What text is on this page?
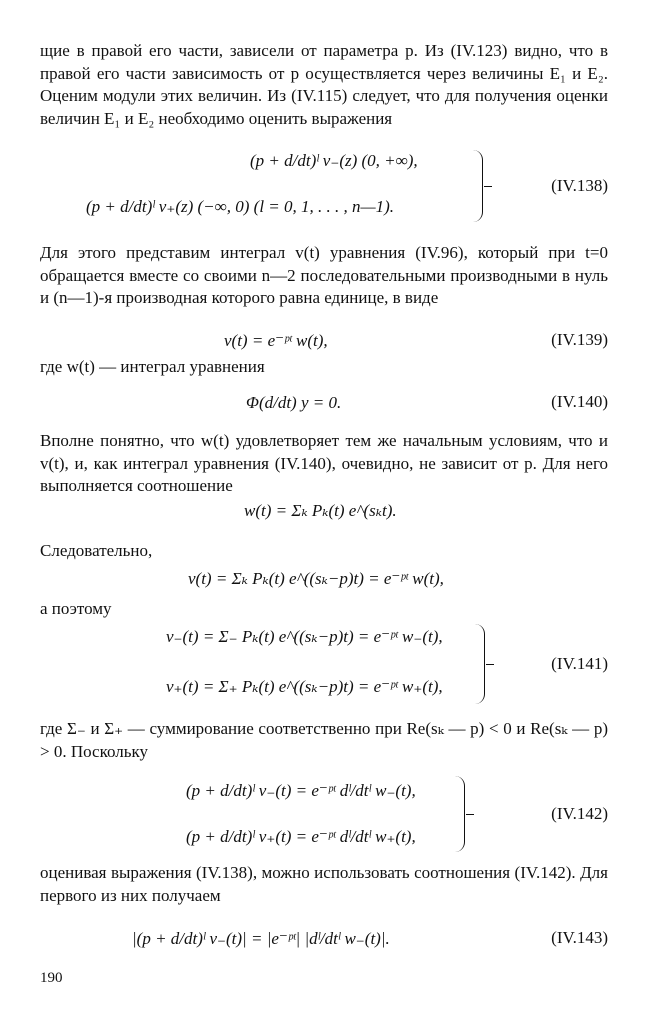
щие в правой его части, зависели от параметра p. Из (IV.123) видно, что в правой его части зависимость от p осуществляется через величины E₁ и E₂. Оценим модули этих величин. Из (IV.115) следует, что для получения оценки величин E₁ и E₂ необходимо оценить выражения

(p + d/dt)ˡ v₋(z) (0, +∞),
(p + d/dt)ˡ v₊(z) (−∞, 0) (l = 0, 1, . . . , n—1).
(IV.138)

Для этого представим интеграл v(t) уравнения (IV.96), который при t=0 обращается вместе со своими n—2 последовательными производными в нуль и (n—1)-я производная которого равна единице, в виде

v(t) = e⁻ᵖᵗ w(t),	(IV.139)

где w(t) — интеграл уравнения

Φ(d/dt) y = 0.	(IV.140)

Вполне понятно, что w(t) удовлетворяет тем же начальным условиям, что и v(t), и, как интеграл уравнения (IV.140), очевидно, не зависит от p. Для него выполняется соотношение

w(t) = Σₖ Pₖ(t) e^(sₖt).

Следовательно,

v(t) = Σₖ Pₖ(t) e^((sₖ−p)t) = e⁻ᵖᵗ w(t),

а поэтому

v₋(t) = Σ₋ Pₖ(t) e^((sₖ−p)t) = e⁻ᵖᵗ w₋(t),
v₊(t) = Σ₊ Pₖ(t) e^((sₖ−p)t) = e⁻ᵖᵗ w₊(t),
(IV.141)

где Σ₋ и Σ₊ — суммирование соответственно при Re(sₖ — p) < 0 и Re(sₖ — p) > 0. Поскольку

(p + d/dt)ˡ v₋(t) = e⁻ᵖᵗ dˡ/dtˡ w₋(t),
(p + d/dt)ˡ v₊(t) = e⁻ᵖᵗ dˡ/dtˡ w₊(t),
(IV.142)

оценивая выражения (IV.138), можно использовать соотношения (IV.142). Для первого из них получаем

|(p + d/dt)ˡ v₋(t)| = |e⁻ᵖᵗ| |dˡ/dtˡ w₋(t)|.	(IV.143)
190
